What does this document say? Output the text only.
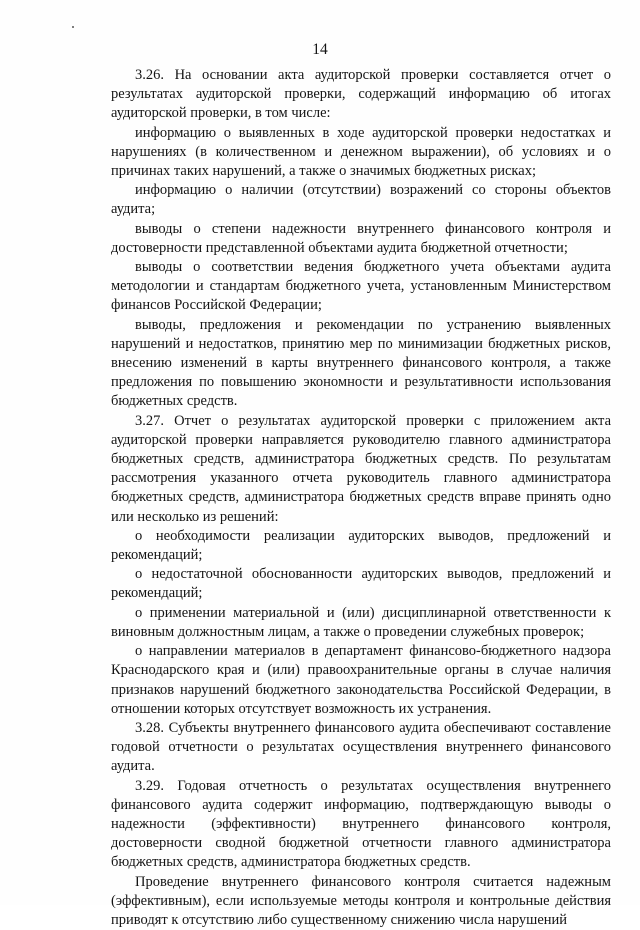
14

3.26. На основании акта аудиторской проверки составляется отчет о результатах аудиторской проверки, содержащий информацию об итогах аудиторской проверки, в том числе:

информацию о выявленных в ходе аудиторской проверки недостатках и нарушениях (в количественном и денежном выражении), об условиях и о причинах таких нарушений, а также о значимых бюджетных рисках;

информацию о наличии (отсутствии) возражений со стороны объектов аудита;

выводы о степени надежности внутреннего финансового контроля и достоверности представленной объектами аудита бюджетной отчетности;

выводы о соответствии ведения бюджетного учета объектами аудита методологии и стандартам бюджетного учета, установленным Министерством финансов Российской Федерации;

выводы, предложения и рекомендации по устранению выявленных нарушений и недостатков, принятию мер по минимизации бюджетных рисков, внесению изменений в карты внутреннего финансового контроля, а также предложения по повышению экономности и результативности использования бюджетных средств.

3.27. Отчет о результатах аудиторской проверки с приложением акта аудиторской проверки направляется руководителю главного администратора бюджетных средств, администратора бюджетных средств. По результатам рассмотрения указанного отчета руководитель главного администратора бюджетных средств, администратора бюджетных средств вправе принять одно или несколько из решений:

о необходимости реализации аудиторских выводов, предложений и рекомендаций;

о недостаточной обоснованности аудиторских выводов, предложений и рекомендаций;

о применении материальной и (или) дисциплинарной ответственности к виновным должностным лицам, а также о проведении служебных проверок;

о направлении материалов в департамент финансово-бюджетного надзора Краснодарского края и (или) правоохранительные органы в случае наличия признаков нарушений бюджетного законодательства Российской Федерации, в отношении которых отсутствует возможность их устранения.

3.28. Субъекты внутреннего финансового аудита обеспечивают составление годовой отчетности о результатах осуществления внутреннего финансового аудита.

3.29. Годовая отчетность о результатах осуществления внутреннего финансового аудита содержит информацию, подтверждающую выводы о надежности (эффективности) внутреннего финансового контроля, достоверности сводной бюджетной отчетности главного администратора бюджетных средств, администратора бюджетных средств.

Проведение внутреннего финансового контроля считается надежным (эффективным), если используемые методы контроля и контрольные действия приводят к отсутствию либо существенному снижению числа нарушений
